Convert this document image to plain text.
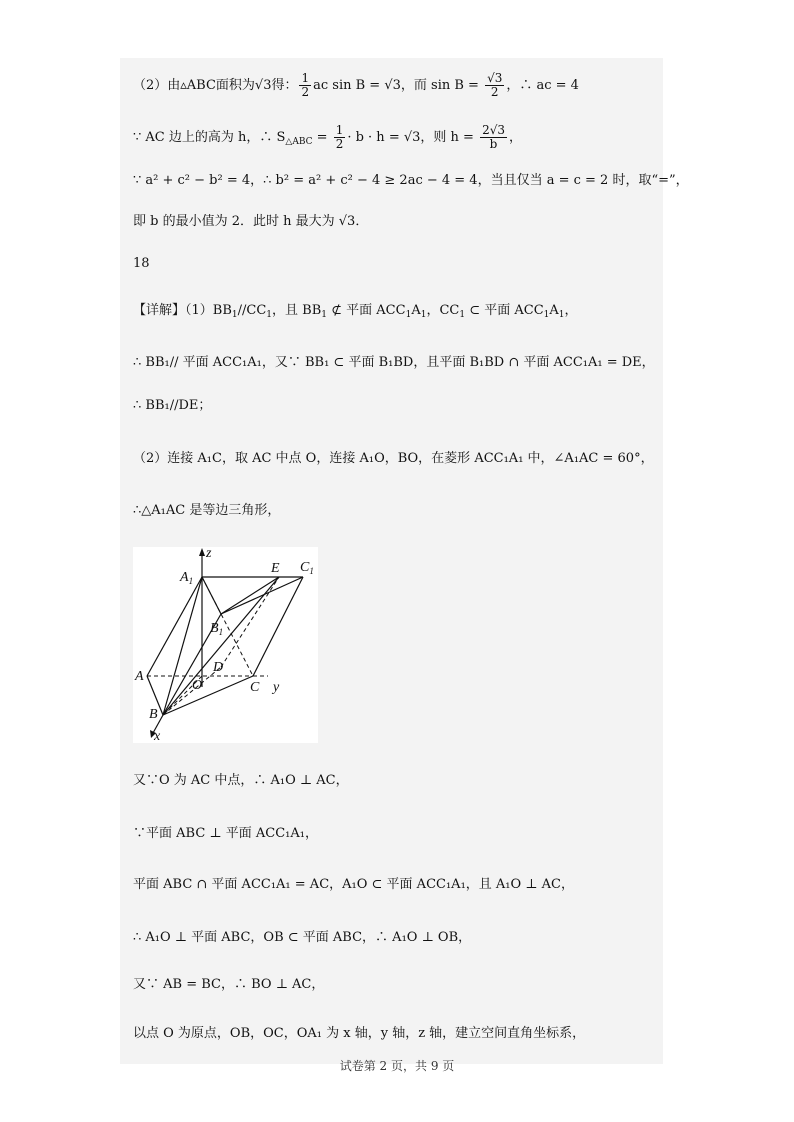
（2）由▵ABC面积为√3得： $\frac{1}{2}$ ac sin B = √3，而 $\sin B = \frac{√3}{2}$ ，∴ ac = 4
∵ AC 边上的高为 h，∴ $S_{\triangle ABC} = \frac{1}{2} \cdot b \cdot h = √3$，则 $h = \frac{2√3}{b}$ ，
∵ a² + c² − b² = 4，∴ b² = a² + c² − 4 ≥ 2ac − 4 = 4，当且仅当 a = c = 2 时，取“=”，
即 b 的最小值为 2．此时 h 最大为 √3．
18
【详解】$(1)BB_1//CC_1$，且 $BB_1$ ⊄ 平面 $ACC_1A_1$，$CC_1$ ⊂ 平面 $ACC_1A_1$，
∴ BB₁// 平面 ACC₁A₁，又∵ BB₁ ⊂ 平面 B₁BD，且平面 B₁BD ∩ 平面 ACC₁A₁ = DE，
∴ BB₁//DE；
（2）连接 A₁C，取 AC 中点 O，连接 A₁O，BO，在菱形 ACC₁A₁ 中，∠A₁AC = 60°，
∴△A₁AC 是等边三角形，
z
$A_1$
E $C_1$
$B_1$
D
A
O	C y
B
x
又∵O 为 AC 中点，∴ A₁O ⊥ AC，
∵平面 ABC ⊥ 平面 ACC₁A₁，
平面 ABC ∩ 平面 ACC₁A₁ = AC，A₁O ⊂ 平面 ACC₁A₁，且 A₁O ⊥ AC，
∴ A₁O ⊥ 平面 ABC，OB ⊂ 平面 ABC，∴ A₁O ⊥ OB，
又∵ AB = BC，∴ BO ⊥ AC，
以点 O 为原点，OB，OC，OA₁ 为 x 轴，y 轴，z 轴，建立空间直角坐标系，
试卷第 2 页，共 9 页
